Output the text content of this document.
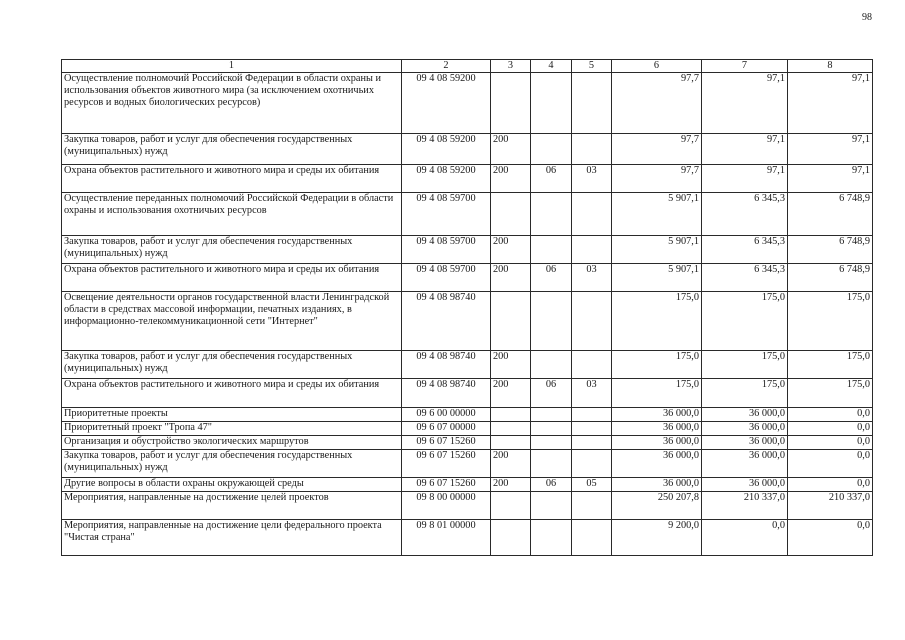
98
1	2	3	4	5	6	7	8
Осуществление полномочий Российской Федерации в области охраны и использования объектов животного мира (за исключением охотничьих ресурсов и водных биологических ресурсов)	09 4 08 59200				97,7	97,1	97,1
Закупка товаров, работ и услуг для обеспечения государственных (муниципальных) нужд	09 4 08 59200	200			97,7	97,1	97,1
Охрана объектов растительного и животного мира и среды их обитания	09 4 08 59200	200	06	03	97,7	97,1	97,1
Осуществление переданных полномочий Российской Федерации в области охраны и использования охотничьих ресурсов	09 4 08 59700				5 907,1	6 345,3	6 748,9
Закупка товаров, работ и услуг для обеспечения государственных (муниципальных) нужд	09 4 08 59700	200			5 907,1	6 345,3	6 748,9
Охрана объектов растительного и животного мира и среды их обитания	09 4 08 59700	200	06	03	5 907,1	6 345,3	6 748,9
Освещение деятельности органов государственной власти Ленинградской области в средствах массовой информации, печатных изданиях, в информационно-телекоммуникационной сети "Интернет"	09 4 08 98740				175,0	175,0	175,0
Закупка товаров, работ и услуг для обеспечения государственных (муниципальных) нужд	09 4 08 98740	200			175,0	175,0	175,0
Охрана объектов растительного и животного мира и среды их обитания	09 4 08 98740	200	06	03	175,0	175,0	175,0
Приоритетные проекты	09 6 00 00000				36 000,0	36 000,0	0,0
Приоритетный проект "Тропа 47"	09 6 07 00000				36 000,0	36 000,0	0,0
Организация и обустройство экологических маршрутов	09 6 07 15260				36 000,0	36 000,0	0,0
Закупка товаров, работ и услуг для обеспечения государственных (муниципальных) нужд	09 6 07 15260	200			36 000,0	36 000,0	0,0
Другие вопросы в области охраны окружающей среды	09 6 07 15260	200	06	05	36 000,0	36 000,0	0,0
Мероприятия, направленные на достижение целей проектов	09 8 00 00000				250 207,8	210 337,0	210 337,0
Мероприятия, направленные на достижение цели федерального проекта "Чистая страна"	09 8 01 00000				9 200,0	0,0	0,0
